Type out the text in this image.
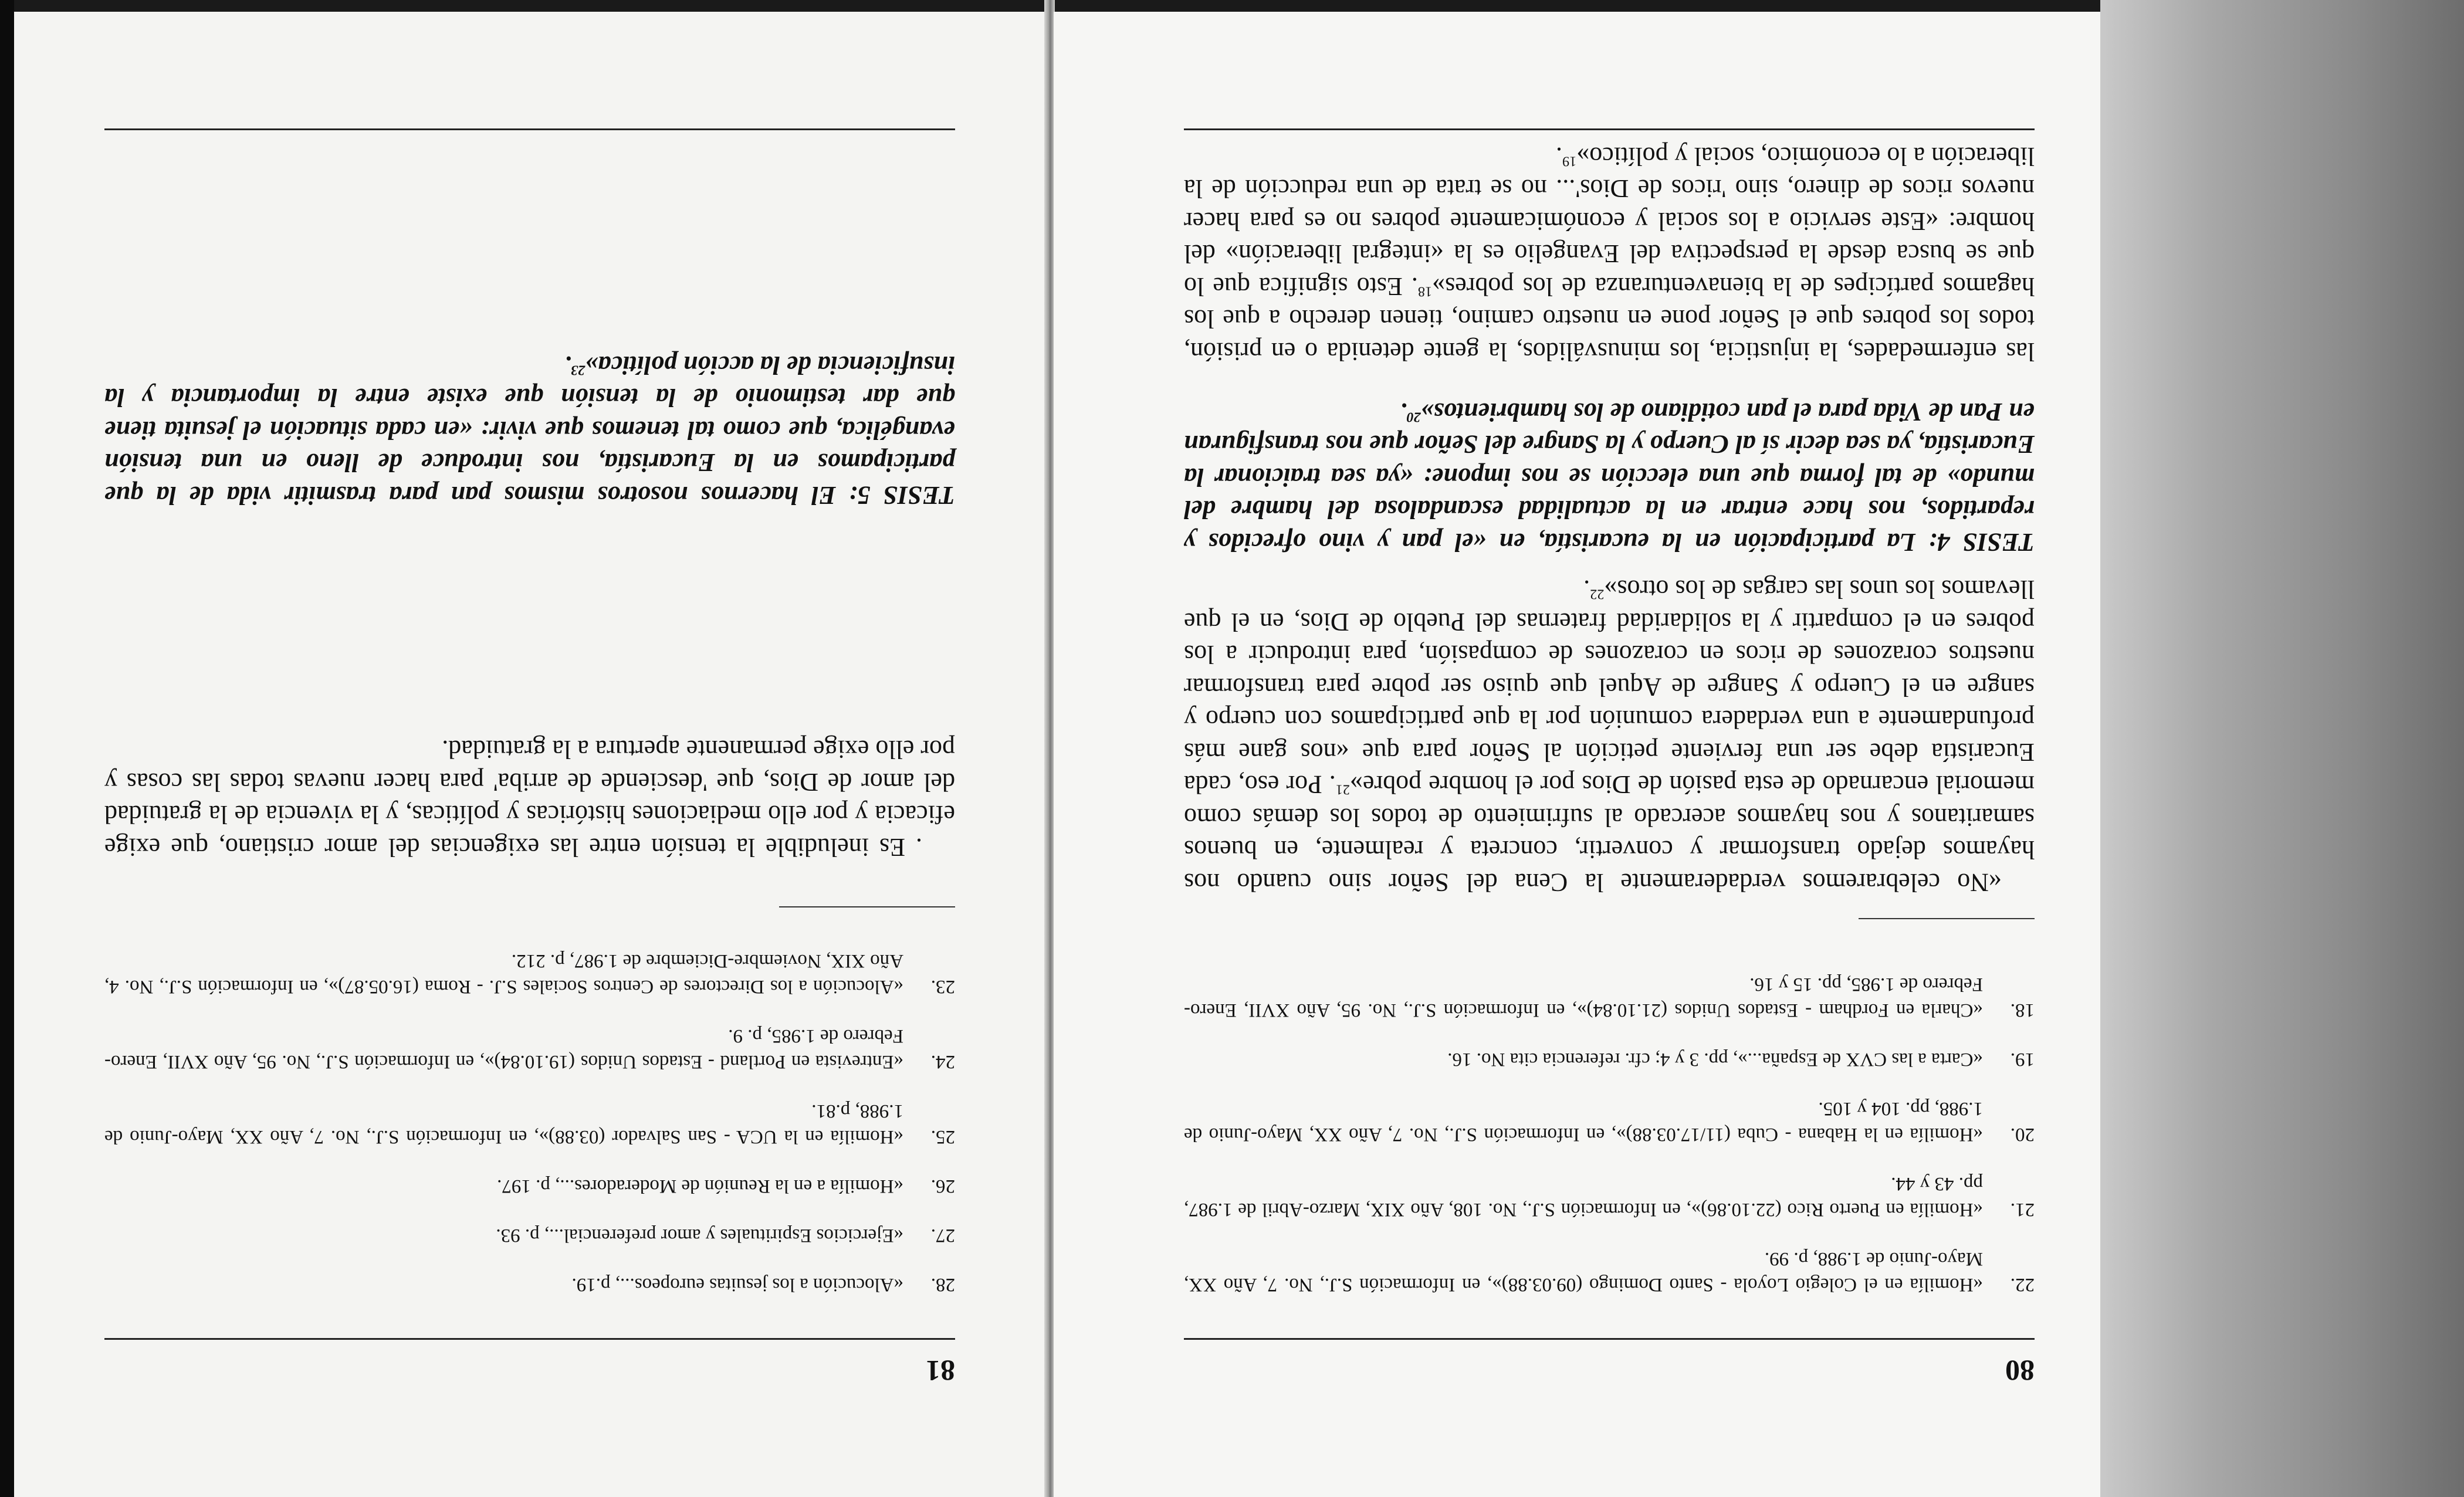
81
28.
«Alocución a los jesuitas europeos..., p.19.
27.
«Ejercicios Espirituales y amor preferencial..., p. 93.
26.
«Homilía a en la Reunión de Moderadores..., p. 197.
25.
«Homilía en la UCA - San Salvador (03.88)», en Información S.J., No. 7, Año XX, Mayo-Junio de 1.988, p.81.
24.
«Entrevista en Portland - Estados Unidos (19.10.84)», en Información S.J., No. 95, Año XVII, Enero-Febrero de 1.985, p. 9.
23.
«Alocución a los Directores de Centros Sociales S.J. - Roma (16.05.87)», en Información S.J., No. 4, Año XIX, Noviembre-Diciembre de 1.987, p. 212.

. Es ineludible la tensión entre las exigencias del amor cristiano, que exige eficacia y por ello mediaciones históricas y políticas, y la vivencia de la gratuidad del amor de Dios, que 'desciende de arriba' para hacer nuevas todas las cosas y por ello exige permanente apertura a la gratuidad.

TESIS 5: El hacernos nosotros mismos pan para trasmitir vida de la que participamos en la Eucaristía, nos introduce de lleno en una tensión evangélica, que como tal tenemos que vivir: «en cada situación el jesuita tiene que dar testimonio de la tensión que existe entre la importancia y la insuficiencia de la acción política»$^{23}$.

80
22.
«Homilía en el Colegio Loyola - Santo Domingo (09.03.88)», en Información S.J., No. 7, Año XX, Mayo-Junio de 1.988, p. 99.
21.
«Homilía en Puerto Rico (22.10.86)», en Información S.J., No. 108, Año XIX, Marzo-Abril de 1.987, pp. 43 y 44.
20.
«Homilía en la Habana - Cuba (11/17.03.88)», en Información S.J., No. 7, Año XX, Mayo-Junio de 1.988, pp. 104 y 105.
19.
«Carta a las CVX de España...», pp. 3 y 4; cfr. referencia cita No. 16.
18.
«Charla en Fordham - Estados Unidos (21.10.84)», en Información S.J., No. 95, Año XVII, Enero-Febrero de 1.985, pp. 15 y 16.

«No celebraremos verdaderamente la Cena del Señor sino cuando nos hayamos dejado transformar y convertir, concreta y realmente, en buenos samaritanos y nos hayamos acercado al sufrimiento de todos los demás como memorial encarnado de esta pasión de Dios por el hombre pobre»$^{21}$. Por eso, cada Eucaristía debe ser una ferviente petición al Señor para que «nos gane más profundamente a una verdadera comunión por la que participamos con cuerpo y sangre en el Cuerpo y Sangre de Aquel que quiso ser pobre para transformar nuestros corazones de ricos en corazones de compasión, para introducir a los pobres en el compartir y la solidaridad fraternas del Pueblo de Dios, en el que llevamos los unos las cargas de los otros»$^{22}$.

TESIS 4: La participación en la eucaristía, en «el pan y vino ofrecidos y repartidos, nos hace entrar en la actualidad escandalosa del hambre del mundo» de tal forma que una elección se nos impone: «ya sea traicionar la Eucaristía, ya sea decir sí al Cuerpo y la Sangre del Señor que nos transfiguran en Pan de Vida para el pan cotidiano de los hambrientos»$^{20}$.

las enfermedades, la injusticia, los minusválidos, la gente detenida o en prisión, todos los pobres que el Señor pone en nuestro camino, tienen derecho a que los hagamos partícipes de la bienaventuranza de los pobres»$^{18}$. Esto significa que lo que se busca desde la perspectiva del Evangelio es la «integral liberación» del hombre: «Este servicio a los social y económicamente pobres no es para hacer nuevos ricos de dinero, sino 'ricos de Dios'... no se trata de una reducción de la liberación a lo económico, social y político»$^{19}$.
